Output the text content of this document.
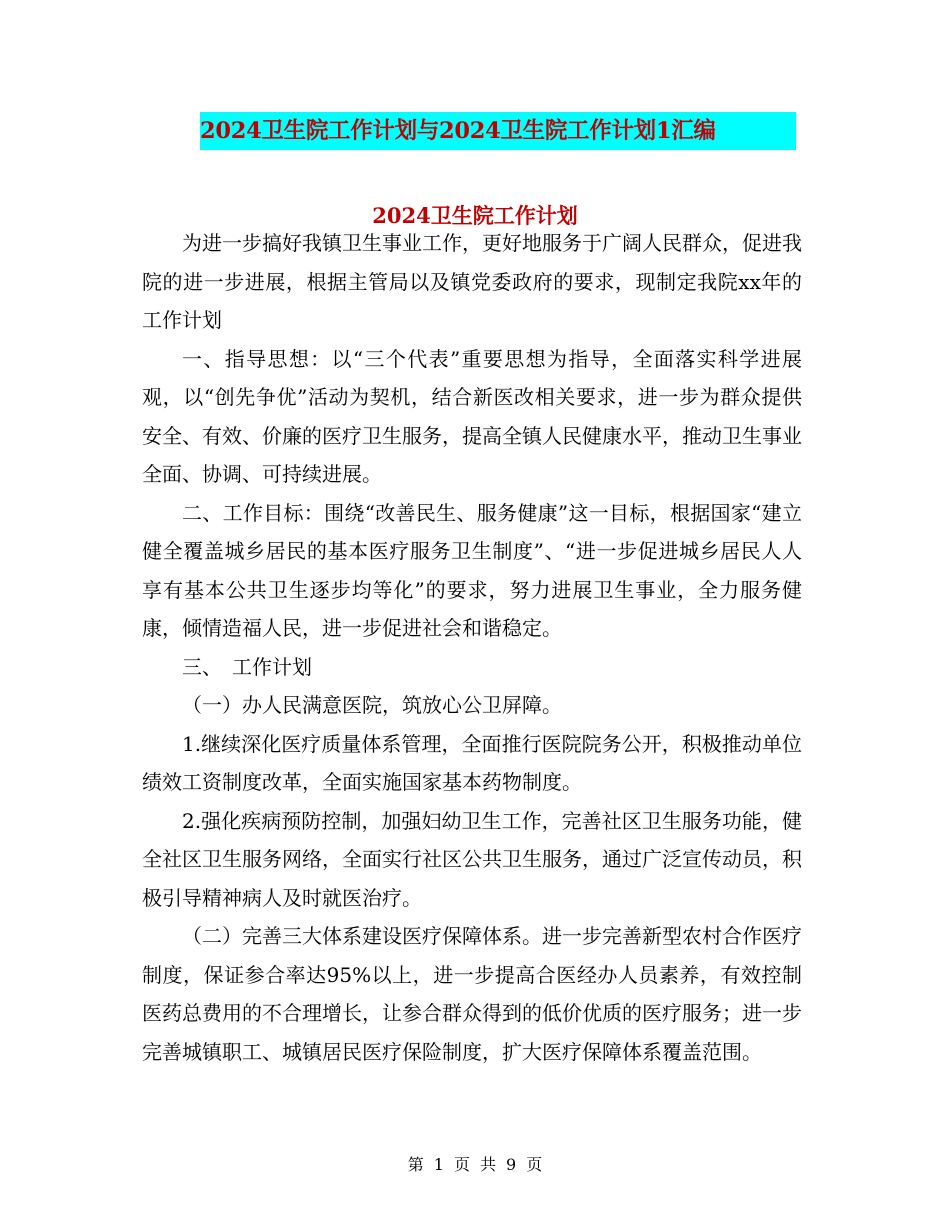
2024卫生院工作计划与2024卫生院工作计划1汇编
2024卫生院工作计划

为进一步搞好我镇卫生事业工作，更好地服务于广阔人民群众，促进我院的进一步进展，根据主管局以及镇党委政府的要求，现制定我院xx年的工作计划

一、指导思想：以“三个代表”重要思想为指导，全面落实科学进展观，以“创先争优”活动为契机，结合新医改相关要求，进一步为群众提供安全、有效、价廉的医疗卫生服务，提高全镇人民健康水平，推动卫生事业全面、协调、可持续进展。

二、工作目标：围绕“改善民生、服务健康”这一目标，根据国家“建立健全覆盖城乡居民的基本医疗服务卫生制度”、“进一步促进城乡居民人人享有基本公共卫生逐步均等化”的要求，努力进展卫生事业，全力服务健康，倾情造福人民，进一步促进社会和谐稳定。

三、　工作计划

（一）办人民满意医院，筑放心公卫屏障。

1.继续深化医疗质量体系管理，全面推行医院院务公开，积极推动单位绩效工资制度改革，全面实施国家基本药物制度。

2.强化疾病预防控制，加强妇幼卫生工作，完善社区卫生服务功能，健全社区卫生服务网络，全面实行社区公共卫生服务，通过广泛宣传动员，积极引导精神病人及时就医治疗。

（二）完善三大体系建设医疗保障体系。进一步完善新型农村合作医疗制度，保证参合率达95%以上，进一步提高合医经办人员素养，有效控制医药总费用的不合理增长，让参合群众得到的低价优质的医疗服务；进一步完善城镇职工、城镇居民医疗保险制度，扩大医疗保障体系覆盖范围。

第 1 页 共 9 页
